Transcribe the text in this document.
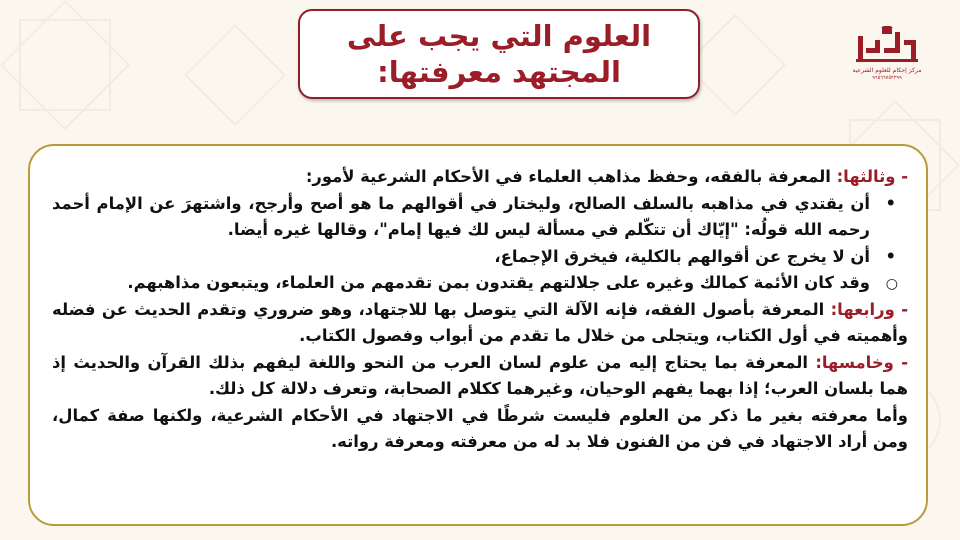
العلوم التي يجب على
المجتهد معرفتها:	مركز إحكام للعلوم الشرعية
٩٦٥٦٦٧٥٢٢٩٩

- وثالثها: المعرفة بالفقه، وحفظ مذاهب العلماء في الأحكام الشرعية لأمور:

• أن يقتدي في مذاهبه بالسلف الصالح، وليختار في أقوالهم ما هو أصح وأرجح، واشتهرَ عن الإمام أحمد رحمه الله قولُه: "إيّاك أن تتكّلم في مسألة ليس لك فيها إمام"، وقالها غيره أيضا.
• أن لا يخرج عن أقوالهم بالكلية، فيخرق الإجماع،
○ وقد كان الأئمة كمالك وغيره على جلالتهم يقتدون بمن تقدمهم من العلماء، ويتبعون مذاهبهم.

- ورابعها: المعرفة بأصول الفقه، فإنه الآلة التي يتوصل بها للاجتهاد، وهو ضروري وتقدم الحديث عن فضله وأهميته في أول الكتاب، ويتجلى من خلال ما تقدم من أبواب وفصول الكتاب.

- وخامسها: المعرفة بما يحتاج إليه من علوم لسان العرب من النحو واللغة ليفهم بذلك القرآن والحديث إذ هما بلسان العرب؛ إذا بهما يفهم الوحيان، وغيرهما ككلام الصحابة، وتعرف دلالة كل ذلك.

وأما معرفته بغير ما ذكر من العلوم فليست شرطًا في الاجتهاد في الأحكام الشرعية، ولكنها صفة كمال، ومن أراد الاجتهاد في فن من الفنون فلا بد له من معرفته ومعرفة رواته.
